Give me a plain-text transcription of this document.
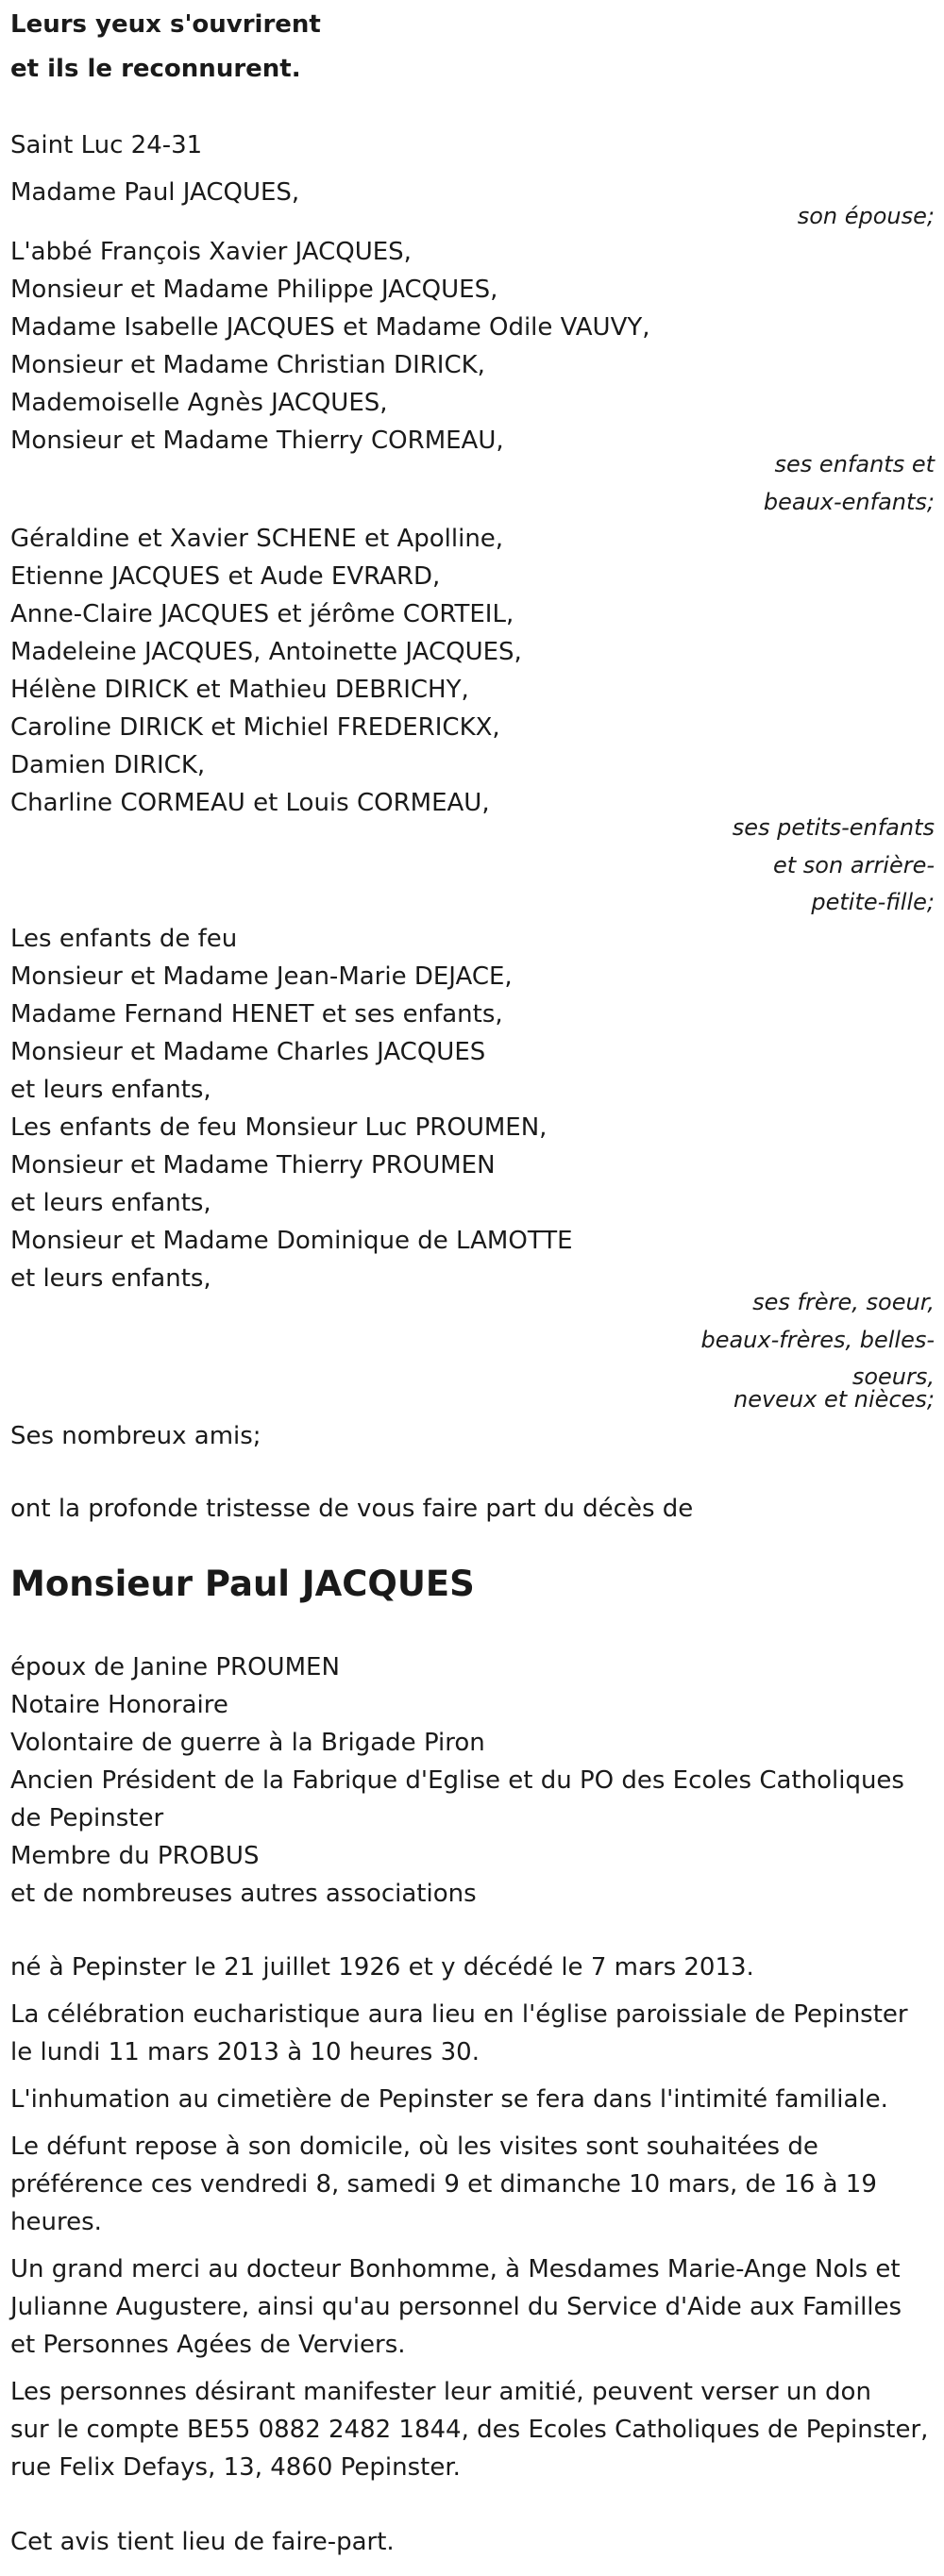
Leurs yeux s'ouvrirent

et ils le reconnurent.

Saint Luc 24-31

Madame Paul JACQUES,

son épouse;

L'abbé François Xavier JACQUES,

Monsieur et Madame Philippe JACQUES,

Madame Isabelle JACQUES et Madame Odile VAUVY,

Monsieur et Madame Christian DIRICK,

Mademoiselle Agnès JACQUES,

Monsieur et Madame Thierry CORMEAU,

ses enfants et

beaux-enfants;

Géraldine et Xavier SCHENE et Apolline,

Etienne JACQUES et Aude EVRARD,

Anne-Claire JACQUES et jérôme CORTEIL,

Madeleine JACQUES, Antoinette JACQUES,

Hélène DIRICK et Mathieu DEBRICHY,

Caroline DIRICK et Michiel FREDERICKX,

Damien DIRICK,

Charline CORMEAU et Louis CORMEAU,

ses petits-enfants

et son arrière-

petite-fille;

Les enfants de feu

Monsieur et Madame Jean-Marie DEJACE,

Madame Fernand HENET et ses enfants,

Monsieur et Madame Charles JACQUES

et leurs enfants,

Les enfants de feu Monsieur Luc PROUMEN,

Monsieur et Madame Thierry PROUMEN

et leurs enfants,

Monsieur et Madame Dominique de LAMOTTE

et leurs enfants,

ses frère, soeur,

beaux-frères, belles-

soeurs,

neveux et nièces;

Ses nombreux amis;

ont la profonde tristesse de vous faire part du décès de

Monsieur Paul JACQUES

époux de Janine PROUMEN

Notaire Honoraire

Volontaire de guerre à la Brigade Piron

Ancien Président de la Fabrique d'Eglise et du PO des Ecoles Catholiques

de Pepinster

Membre du PROBUS

et de nombreuses autres associations

né à Pepinster le 21 juillet 1926 et y décédé le 7 mars 2013.

La célébration eucharistique aura lieu en l'église paroissiale de Pepinster

le lundi 11 mars 2013 à 10 heures 30.

L'inhumation au cimetière de Pepinster se fera dans l'intimité familiale.

Le défunt repose à son domicile, où les visites sont souhaitées de

préférence ces vendredi 8, samedi 9 et dimanche 10 mars, de 16 à 19

heures.

Un grand merci au docteur Bonhomme, à Mesdames Marie-Ange Nols et

Julianne Augustere, ainsi qu'au personnel du Service d'Aide aux Familles

et Personnes Agées de Verviers.

Les personnes désirant manifester leur amitié, peuvent verser un don

sur le compte BE55 0882 2482 1844, des Ecoles Catholiques de Pepinster,

rue Felix Defays, 13, 4860 Pepinster.

Cet avis tient lieu de faire-part.
